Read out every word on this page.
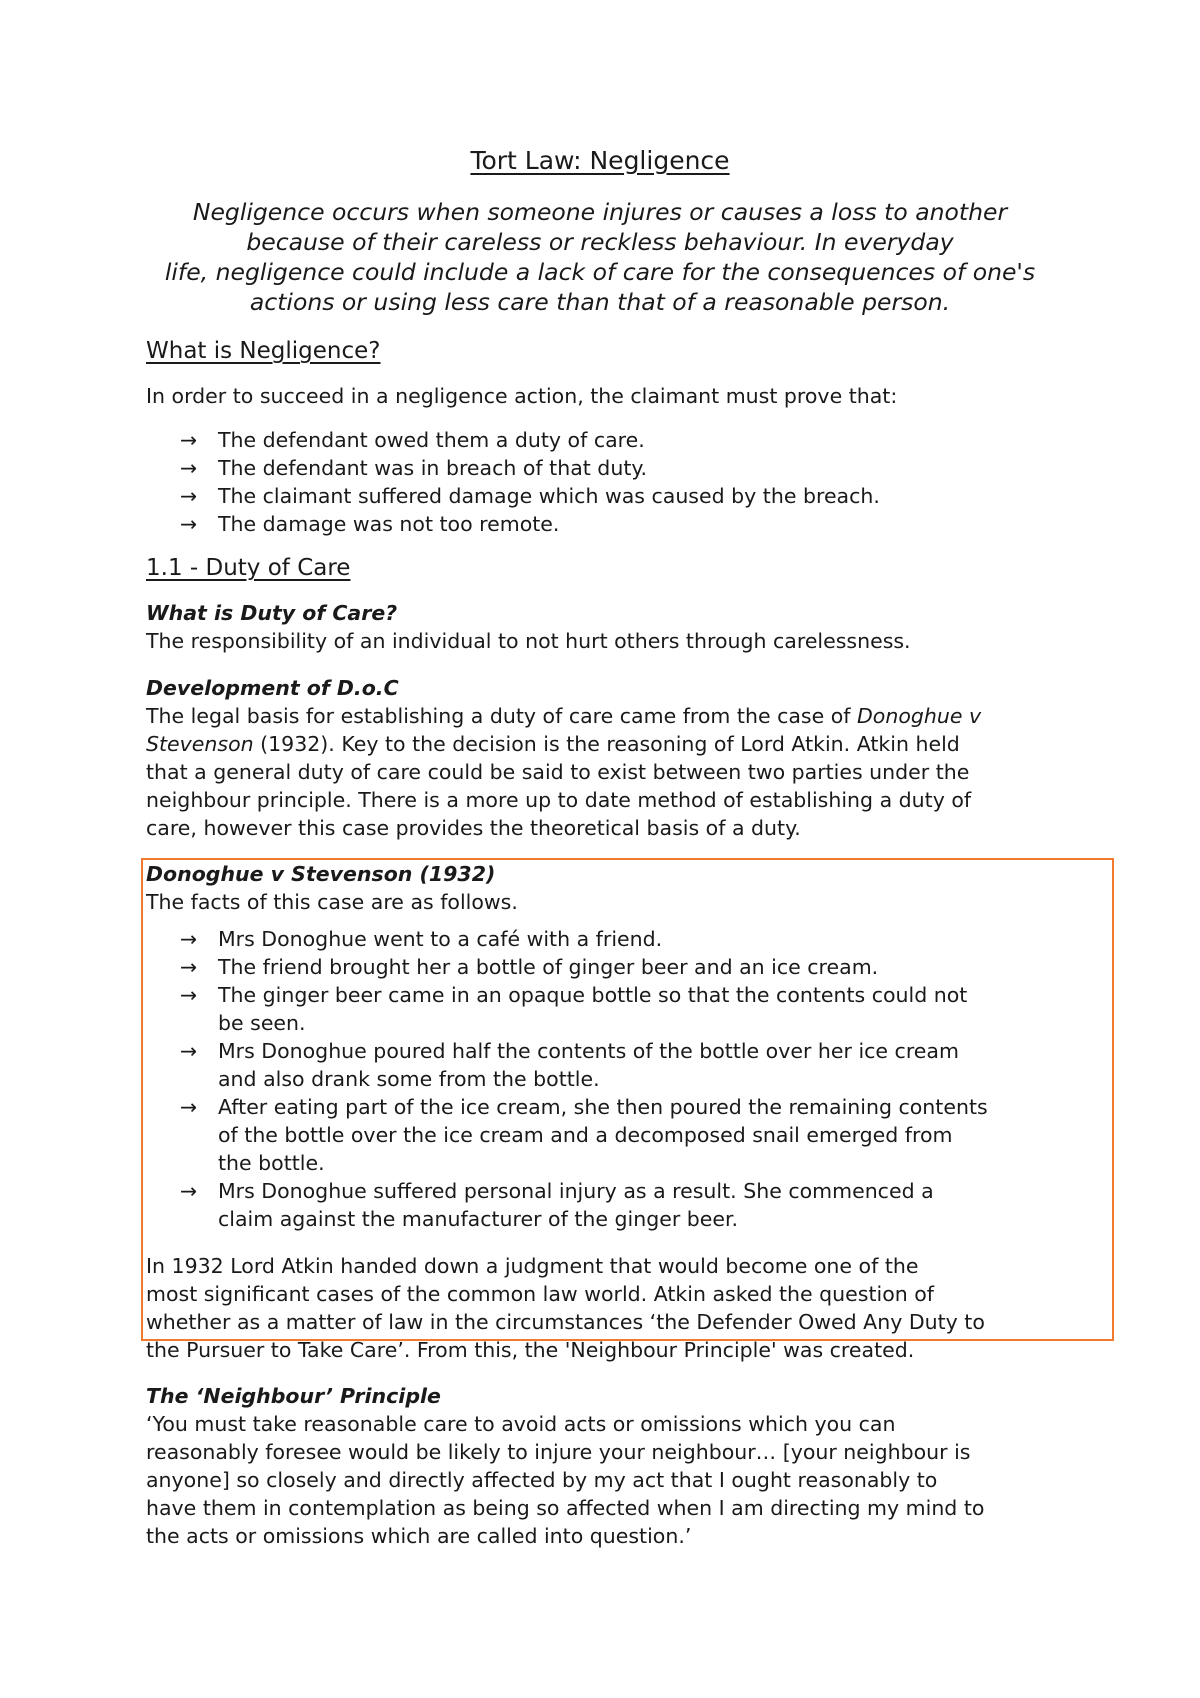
Tort Law: Negligence
Negligence occurs when someone injures or causes a loss to another
because of their careless or reckless behaviour. In everyday
life, negligence could include a lack of care for the consequences of one's
actions or using less care than that of a reasonable person.
What is Negligence?
In order to succeed in a negligence action, the claimant must prove that:
→ The defendant owed them a duty of care.
→ The defendant was in breach of that duty.
→ The claimant suffered damage which was caused by the breach.
→ The damage was not too remote.
1.1 - Duty of Care
What is Duty of Care?
The responsibility of an individual to not hurt others through carelessness.
Development of D.o.C
The legal basis for establishing a duty of care came from the case of Donoghue v
Stevenson (1932). Key to the decision is the reasoning of Lord Atkin. Atkin held
that a general duty of care could be said to exist between two parties under the
neighbour principle. There is a more up to date method of establishing a duty of
care, however this case provides the theoretical basis of a duty.
Donoghue v Stevenson (1932)
The facts of this case are as follows.
→ Mrs Donoghue went to a café with a friend.
→ The friend brought her a bottle of ginger beer and an ice cream.
→ The ginger beer came in an opaque bottle so that the contents could not
be seen.
→ Mrs Donoghue poured half the contents of the bottle over her ice cream
and also drank some from the bottle.
→ After eating part of the ice cream, she then poured the remaining contents
of the bottle over the ice cream and a decomposed snail emerged from
the bottle.
→ Mrs Donoghue suffered personal injury as a result. She commenced a
claim against the manufacturer of the ginger beer.
In 1932 Lord Atkin handed down a judgment that would become one of the
most significant cases of the common law world. Atkin asked the question of
whether as a matter of law in the circumstances ‘the Defender Owed Any Duty to
the Pursuer to Take Care’. From this, the 'Neighbour Principle' was created.
The ‘Neighbour’ Principle
‘You must take reasonable care to avoid acts or omissions which you can
reasonably foresee would be likely to injure your neighbour… [your neighbour is
anyone] so closely and directly affected by my act that I ought reasonably to
have them in contemplation as being so affected when I am directing my mind to
the acts or omissions which are called into question.’
